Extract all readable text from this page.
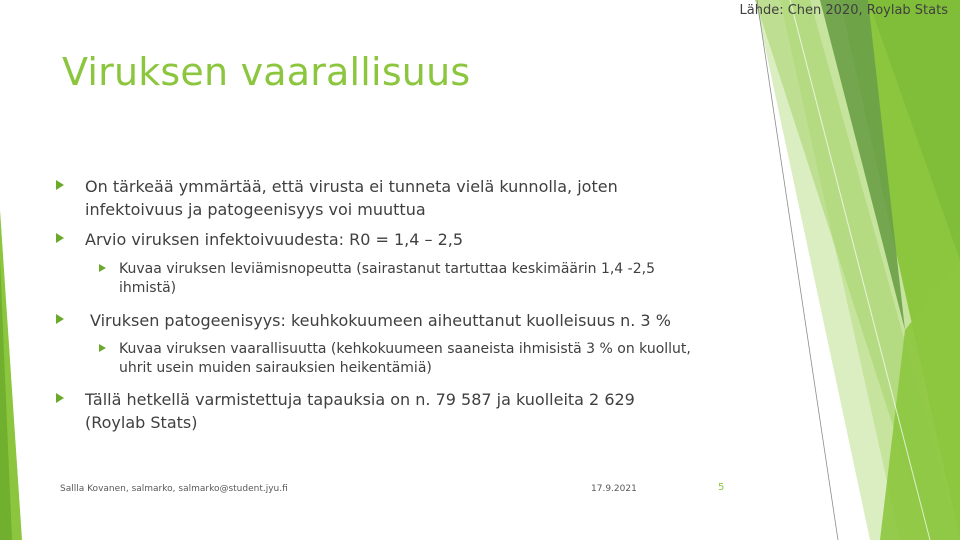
Lähde: Chen 2020, Roylab Stats
Viruksen vaarallisuus
On tärkeää ymmärtää, että virusta ei tunneta vielä kunnolla, joten infektoivuus ja patogeenisyys voi muuttua
Arvio viruksen infektoivuudesta: R0 = 1,4 – 2,5
Kuvaa viruksen leviämisnopeutta (sairastanut tartuttaa keskimäärin 1,4 -2,5 ihmistä)
Viruksen patogeenisyys: keuhkokuumeen aiheuttanut kuolleisuus n. 3 %
Kuvaa viruksen vaarallisuutta (kehkokuumeen saaneista ihmisistä 3 % on kuollut, uhrit usein muiden sairauksien heikentämiä)
Tällä hetkellä varmistettuja tapauksia on n. 79 587 ja kuolleita 2 629 (Roylab Stats)
Sallla Kovanen, salmarko, salmarko@student.jyu.fi	17.9.2021	5
